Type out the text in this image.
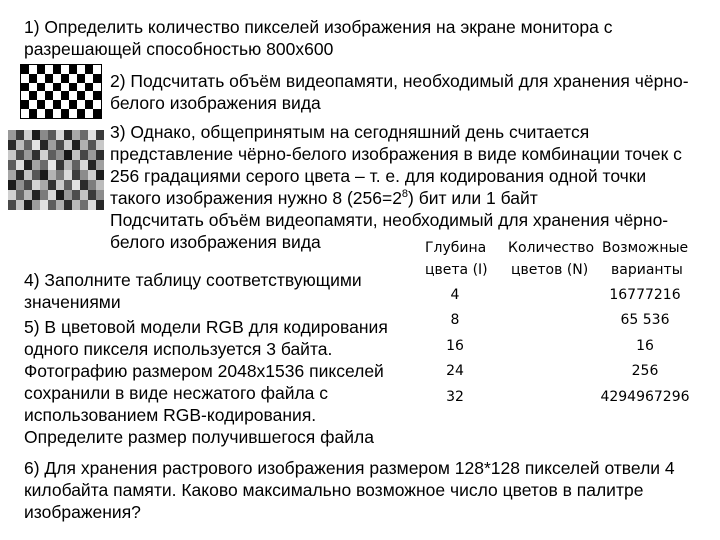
1) Определить количество пикселей изображения на экране монитора с
разрешающей способностью 800х600
2) Подсчитать объём видеопамяти, необходимый для хранения чёрно-
белого изображения вида
3) Однако, общепринятым на сегодняшний день считается
представление чёрно-белого изображения в виде комбинации точек с
256 градациями серого цвета – т. е. для кодирования одной точки
такого изображения нужно 8 $(256=2^8)$ бит или 1 байт
Подсчитать объём видеопамяти, необходимый для хранения чёрно-
белого изображения вида
4) Заполните таблицу соответствующими
значениями
5) В цветовой модели RGB для кодирования
одного пикселя используется 3 байта.
Фотографию размером 2048х1536 пикселей
сохранили в виде несжатого файла с
использованием RGB-кодирования.
Определите размер получившегося файла
Глубина
цвета (I)
Количество
цветов (N)
Возможные
варианты
4
8
16
24
32
16777216
65 536
16
256
4294967296
6) Для хранения растрового изображения размером 128*128 пикселей отвели 4
килобайта памяти. Каково максимально возможное число цветов в палитре
изображения?
